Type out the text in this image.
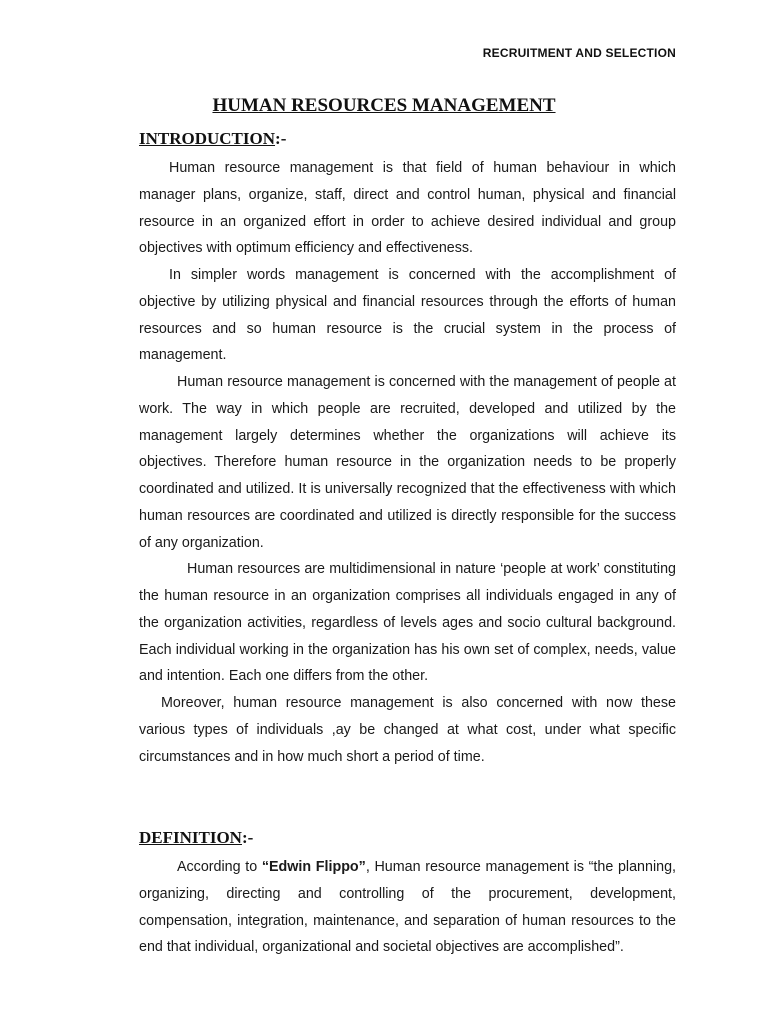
RECRUITMENT AND SELECTION
HUMAN RESOURCES MANAGEMENT
INTRODUCTION:-

Human resource management is that field of human behaviour in which manager plans, organize, staff, direct and control human, physical and financial resource in an organized effort in order to achieve desired individual and group objectives with optimum efficiency and effectiveness.

In simpler words management is concerned with the accomplishment of objective by utilizing physical and financial resources through the efforts of human resources and so human resource is the crucial system in the process of management.

Human resource management is concerned with the management of people at work. The way in which people are recruited, developed and utilized by the management largely determines whether the organizations will achieve its objectives. Therefore human resource in the organization needs to be properly coordinated and utilized. It is universally recognized that the effectiveness with which human resources are coordinated and utilized is directly responsible for the success of any organization.

Human resources are multidimensional in nature ‘people at work’ constituting the human resource in an organization comprises all individuals engaged in any of the organization activities, regardless of levels ages and socio cultural background. Each individual working in the organization has his own set of complex, needs, value and intention. Each one differs from the other.

Moreover, human resource management is also concerned with now these various types of individuals ,ay be changed at what cost, under what specific circumstances and in how much short a period of time.

DEFINITION:-

According to “Edwin Flippo”, Human resource management is “the planning, organizing, directing and controlling of the procurement, development, compensation, integration, maintenance, and separation of human resources to the end that individual, organizational and societal objectives are accomplished”.
